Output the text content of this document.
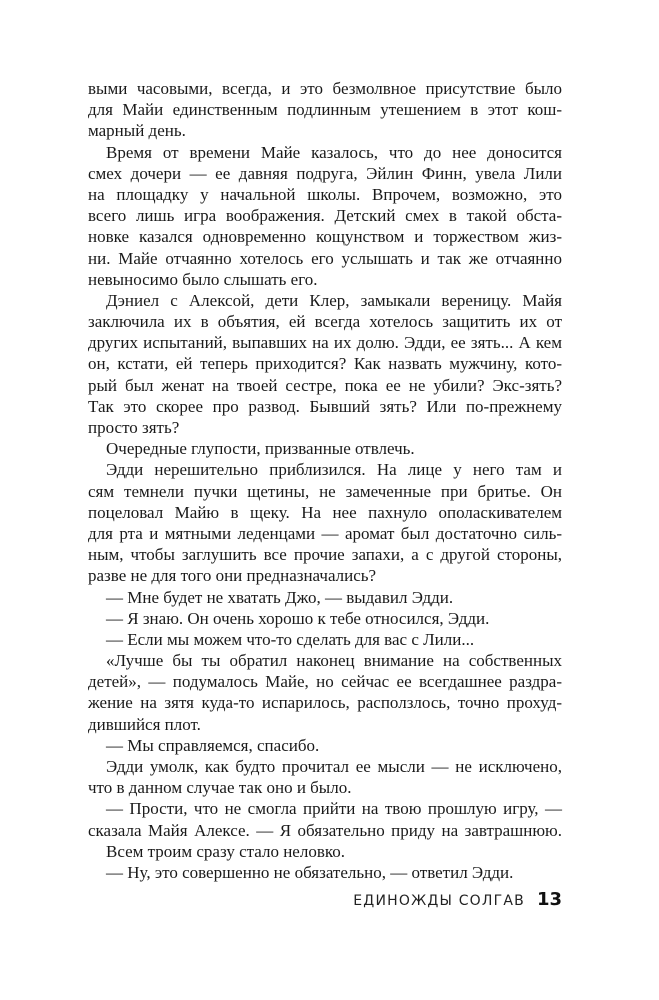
выми часовыми, всегда, и это безмолвное присутствие было
для Майи единственным подлинным утешением в этот кош-
марный день.
Время от времени Майе казалось, что до нее доносится
смех дочери — ее давняя подруга, Эйлин Финн, увела Лили
на площадку у начальной школы. Впрочем, возможно, это
всего лишь игра воображения. Детский смех в такой обста-
новке казался одновременно кощунством и торжеством жиз-
ни. Майе отчаянно хотелось его услышать и так же отчаянно
невыносимо было слышать его.
Дэниел с Алексой, дети Клер, замыкали вереницу. Майя
заключила их в объятия, ей всегда хотелось защитить их от
других испытаний, выпавших на их долю. Эдди, ее зять... А кем
он, кстати, ей теперь приходится? Как назвать мужчину, кото-
рый был женат на твоей сестре, пока ее не убили? Экс-зять?
Так это скорее про развод. Бывший зять? Или по-прежнему
просто зять?
Очередные глупости, призванные отвлечь.
Эдди нерешительно приблизился. На лице у него там и
сям темнели пучки щетины, не замеченные при бритье. Он
поцеловал Майю в щеку. На нее пахнуло ополаскивателем
для рта и мятными леденцами — аромат был достаточно силь-
ным, чтобы заглушить все прочие запахи, а с другой стороны,
разве не для того они предназначались?
— Мне будет не хватать Джо, — выдавил Эдди.
— Я знаю. Он очень хорошо к тебе относился, Эдди.
— Если мы можем что-то сделать для вас с Лили...
«Лучше бы ты обратил наконец внимание на собственных
детей», — подумалось Майе, но сейчас ее всегдашнее раздра-
жение на зятя куда-то испарилось, расползлось, точно прохуд-
дившийся плот.
— Мы справляемся, спасибо.
Эдди умолк, как будто прочитал ее мысли — не исключено,
что в данном случае так оно и было.
— Прости, что не смогла прийти на твою прошлую игру, —
сказала Майя Алексе. — Я обязательно приду на завтрашнюю.
Всем троим сразу стало неловко.
— Ну, это совершенно не обязательно, — ответил Эдди.
ЕДИНОЖДЫ СОЛГАВ 13
